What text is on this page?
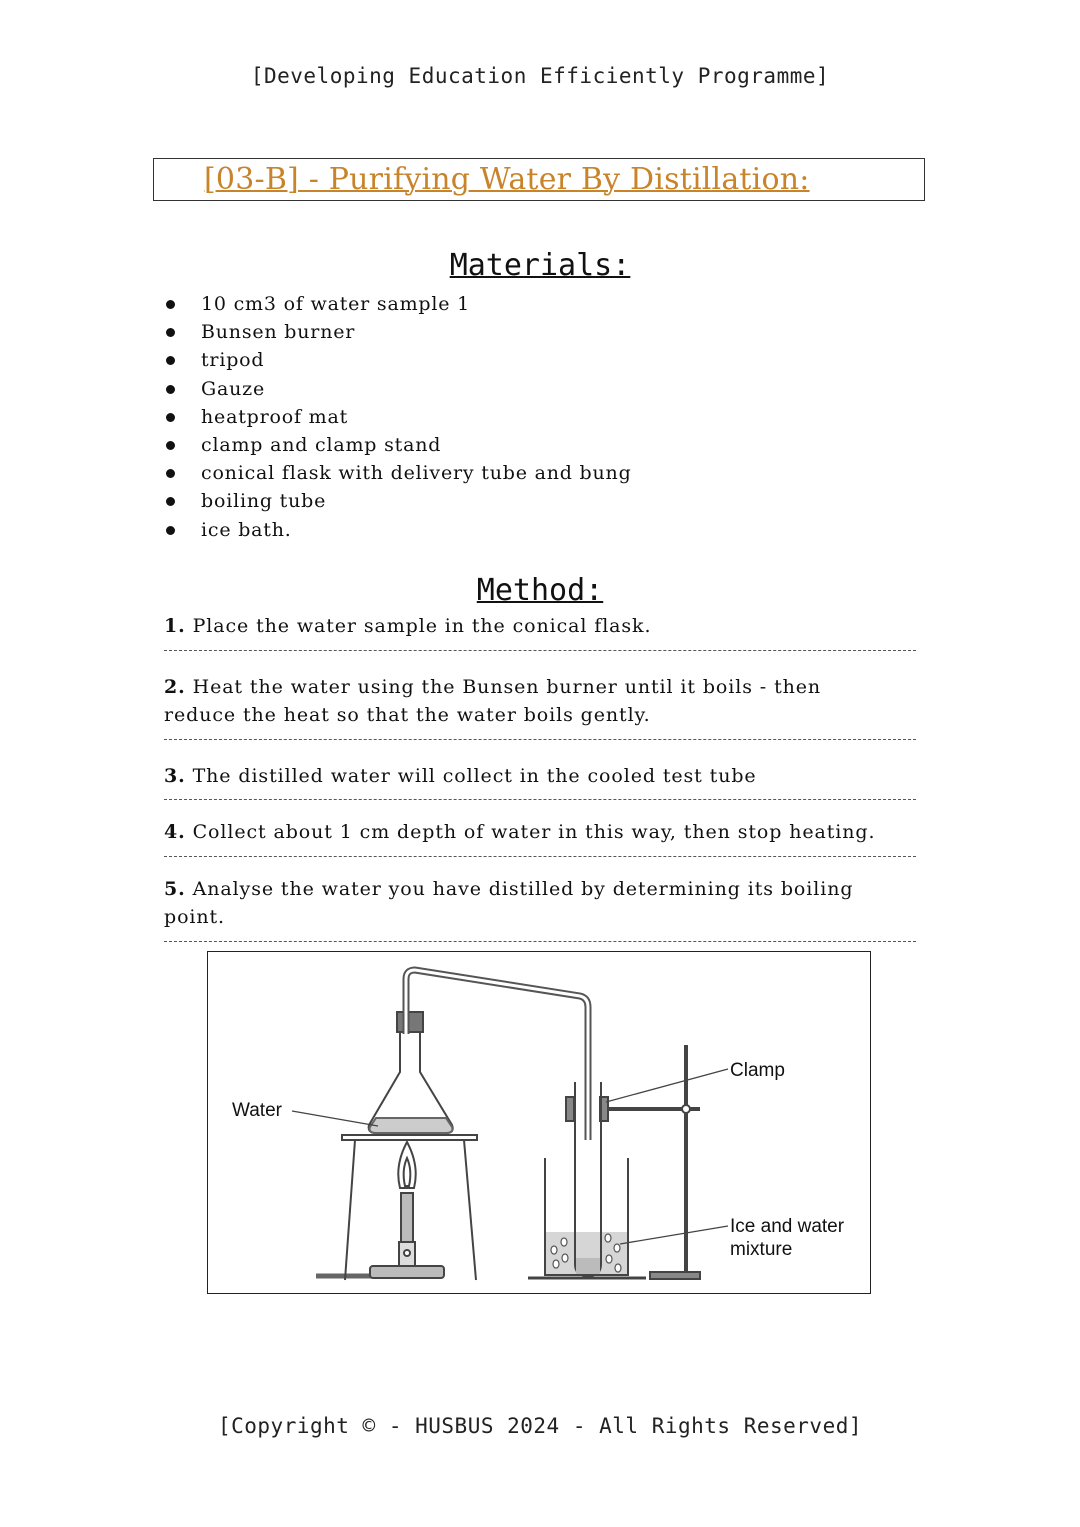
[Developing Education Efficiently Programme]
[03-B] - Purifying Water By Distillation:
Materials:
10 cm3 of water sample 1
Bunsen burner
tripod
Gauze
heatproof mat
clamp and clamp stand
conical flask with delivery tube and bung
boiling tube
ice bath.
Method:
1. Place the water sample in the conical flask.
2. Heat the water using the Bunsen burner until it boils - then reduce the heat so that the water boils gently.
3. The distilled water will collect in the cooled test tube
4. Collect about 1 cm depth of water in this way, then stop heating.
5. Analyse the water you have distilled by determining its boiling point.
Water
Clamp
Ice and water
mixture
[Copyright © - HUSBUS 2024 - All Rights Reserved]
